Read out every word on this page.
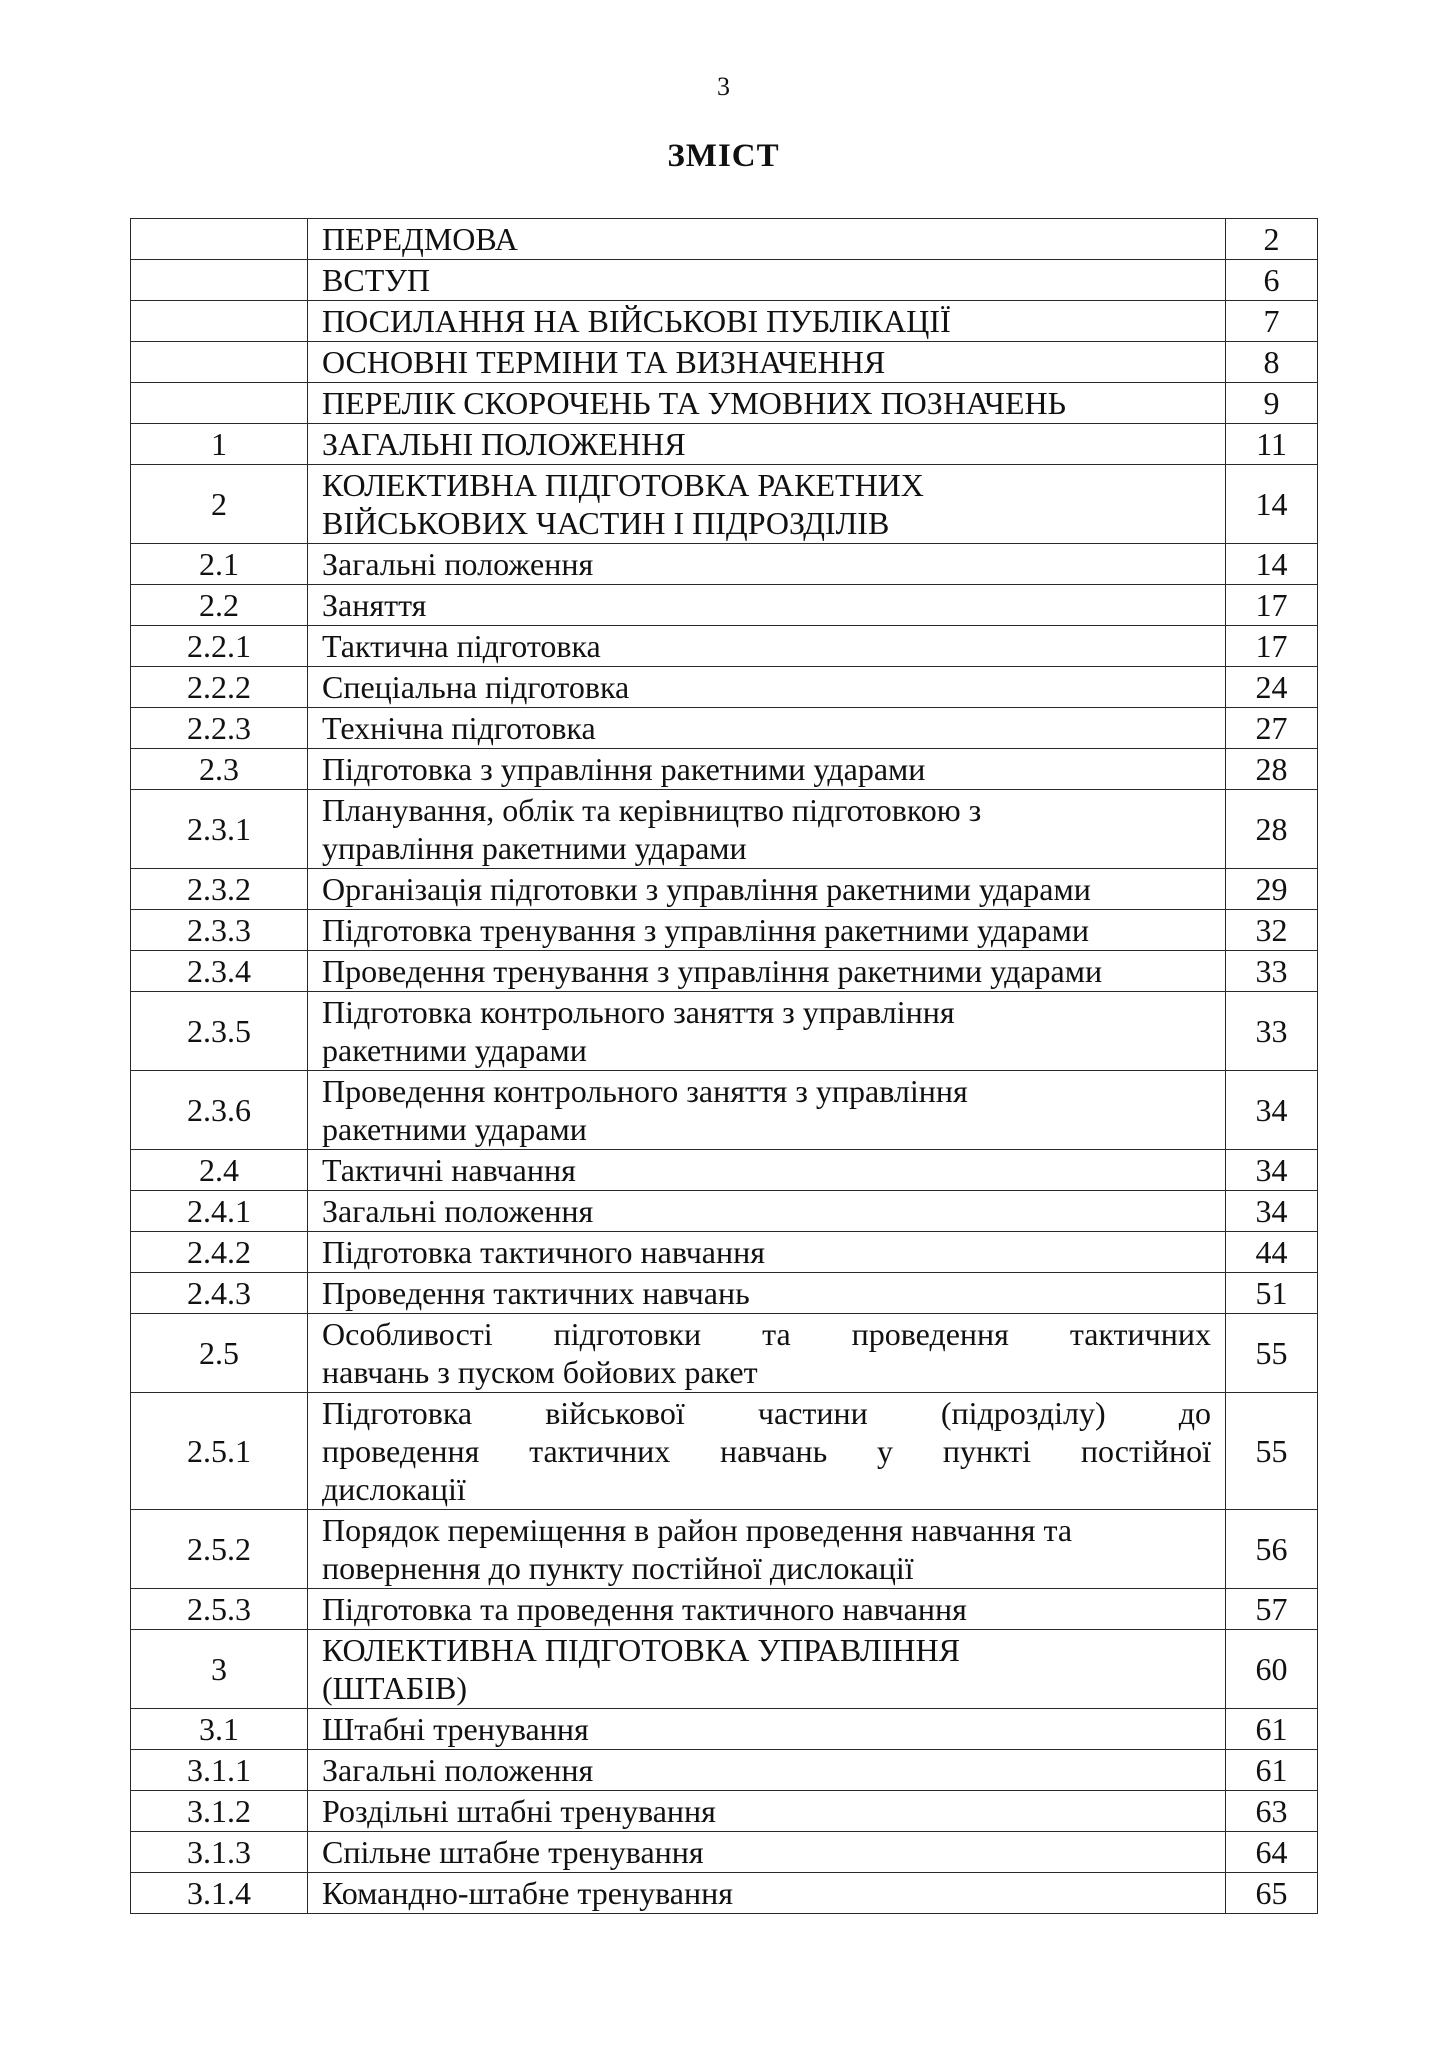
3
ЗМІСТ

	ПЕРЕДМОВА	2

	ВСТУП	6

	ПОСИЛАННЯ НА ВІЙСЬКОВІ ПУБЛІКАЦІЇ	7

	ОСНОВНІ ТЕРМІНИ ТА ВИЗНАЧЕННЯ	8

	ПЕРЕЛІК СКОРОЧЕНЬ ТА УМОВНИХ ПОЗНАЧЕНЬ	9
1	ЗАГАЛЬНІ ПОЛОЖЕННЯ	11
2	КОЛЕКТИВНА ПІДГОТОВКА РАКЕТНИХ
ВІЙСЬКОВИХ ЧАСТИН І ПІДРОЗДІЛІВ	14
2.1	Загальні положення	14
2.2	Заняття	17
2.2.1	Тактична підготовка	17
2.2.2	Спеціальна підготовка	24
2.2.3	Технічна підготовка	27
2.3	Підготовка з управління ракетними ударами	28
2.3.1	Планування, облік та керівництво підготовкою з
управління ракетними ударами	28
2.3.2	Організація підготовки з управління ракетними ударами	29
2.3.3	Підготовка тренування з управління ракетними ударами	32
2.3.4	Проведення тренування з управління ракетними ударами	33
2.3.5	Підготовка контрольного заняття з управління
ракетними ударами	33
2.3.6	Проведення контрольного заняття з управління
ракетними ударами	34
2.4	Тактичні навчання	34
2.4.1	Загальні положення	34
2.4.2	Підготовка тактичного навчання	44
2.4.3	Проведення тактичних навчань	51
2.5	Особливості підготовки та проведення тактичних
навчань з пуском бойових ракет	55
2.5.1	Підготовка військової частини (підрозділу) до
проведення тактичних навчань у пункті постійної
дислокації	55
2.5.2	Порядок переміщення в район проведення навчання та
повернення до пункту постійної дислокації	56
2.5.3	Підготовка та проведення тактичного навчання	57
3	КОЛЕКТИВНА ПІДГОТОВКА УПРАВЛІННЯ
(ШТАБІВ)	60
3.1	Штабні тренування	61
3.1.1	Загальні положення	61
3.1.2	Роздільні штабні тренування	63
3.1.3	Спільне штабне тренування	64
3.1.4	Командно-штабне тренування	65
